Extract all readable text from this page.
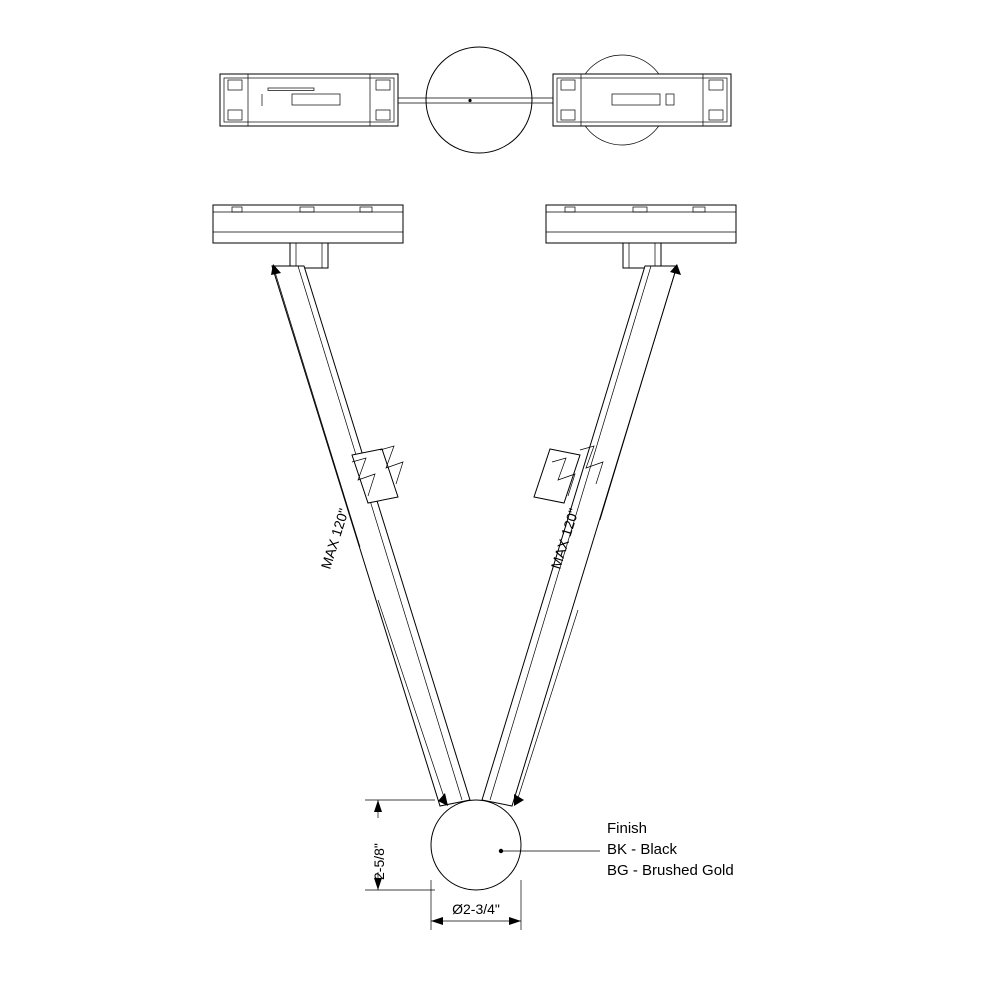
MAX 120"	MAX 120"
2-5/8"
Ø2-3/4"
Finish
BK - Black
BG - Brushed Gold
